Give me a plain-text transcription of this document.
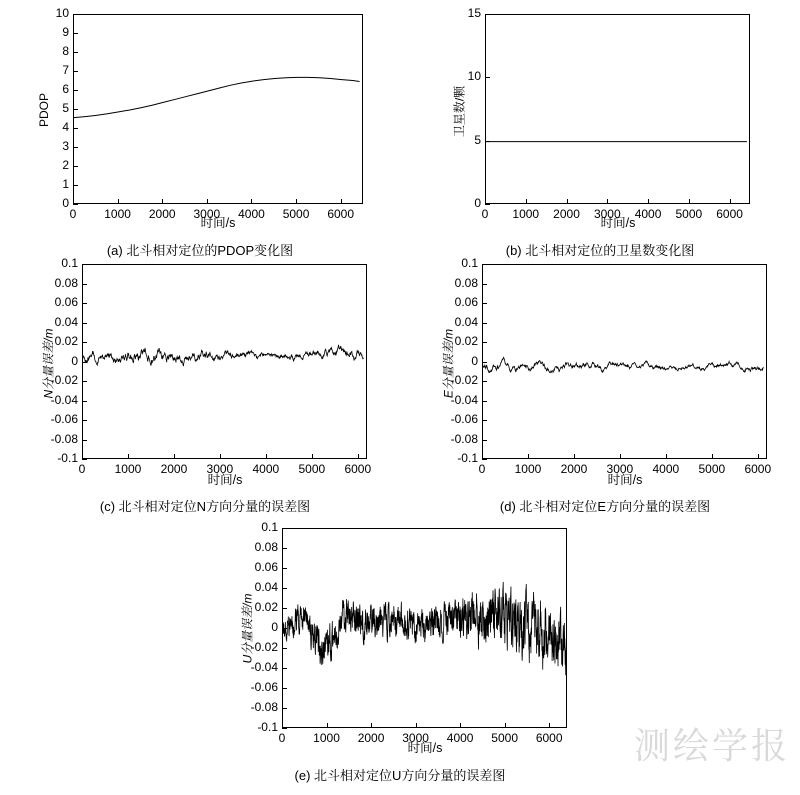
0	1000	2000	3000	4000	5000	6000
0
1
2
3
4
5
6
7
8
9
10
PDOP
时间/s
(a) 北斗相对定位的PDOP变化图
0	1000	2000	3000	4000	5000	6000
0
5
10
15
卫星数/颗
时间/s
(b) 北斗相对定位的卫星数变化图
0	1000	2000	3000	4000	5000	6000
-0.1
-0.08
-0.06
-0.04
-0.02
0
0.02
0.04
0.06
0.08
0.1
N分量误差/m
时间/s
(c) 北斗相对定位N方向分量的误差图
0	1000	2000	3000	4000	5000	6000
-0.1
-0.08
-0.06
-0.04
-0.02
0
0.02
0.04
0.06
0.08
0.1
E分量误差/m
时间/s
(d) 北斗相对定位E方向分量的误差图
0	1000	2000	3000	4000	5000	6000
-0.1
-0.08
-0.06
-0.04
-0.02
0
0.02
0.04
0.06
0.08
0.1
U分量误差/m
时间/s
(e) 北斗相对定位U方向分量的误差图
测绘学报
